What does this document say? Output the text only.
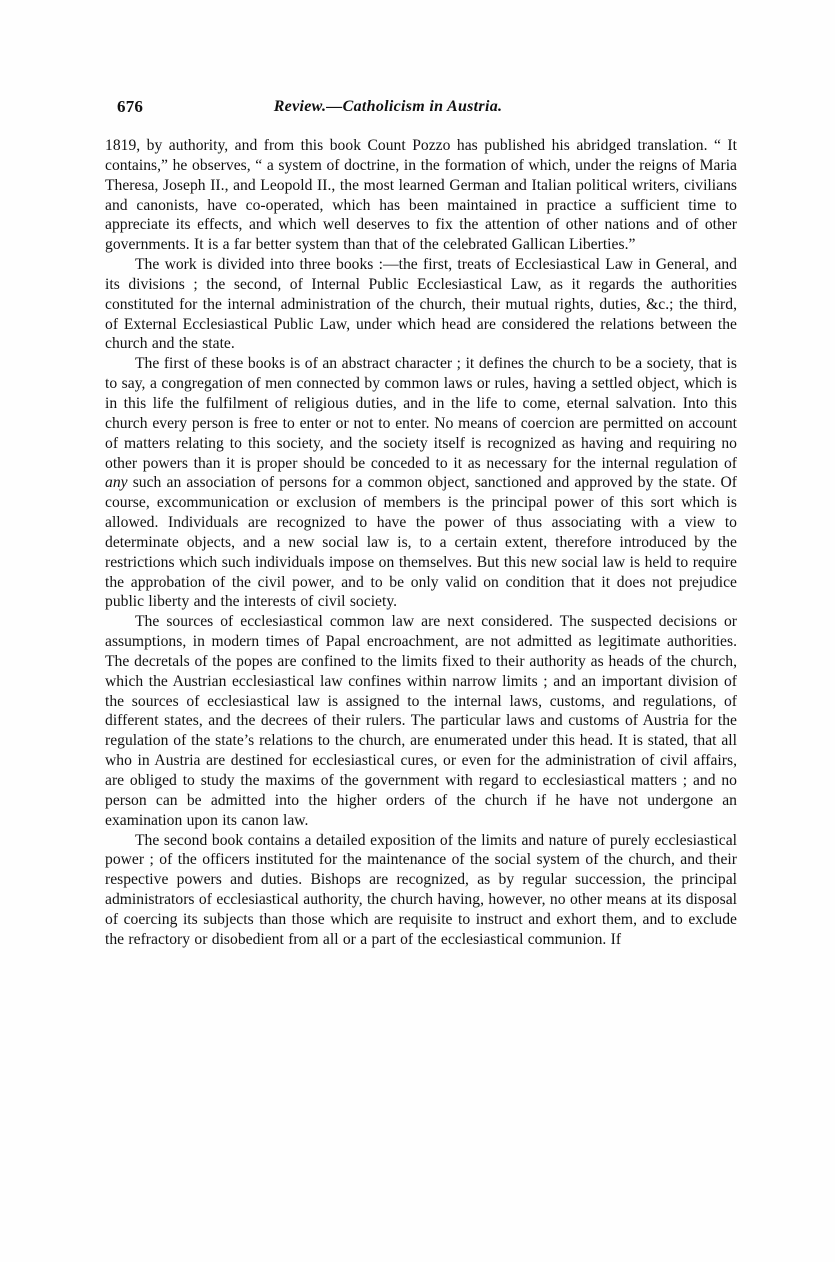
676	Review.—Catholicism in Austria.

1819, by authority, and from this book Count Pozzo has published his abridged translation. “ It contains,” he observes, “ a system of doctrine, in the formation of which, under the reigns of Maria Theresa, Joseph II., and Leopold II., the most learned German and Italian political writers, civilians and canonists, have co-operated, which has been maintained in practice a sufficient time to appreciate its effects, and which well deserves to fix the attention of other nations and of other governments. It is a far better system than that of the celebrated Gallican Liberties.”

The work is divided into three books :—the first, treats of Ecclesiastical Law in General, and its divisions ; the second, of Internal Public Ecclesiastical Law, as it regards the authorities constituted for the internal administration of the church, their mutual rights, duties, &c.; the third, of External Ecclesiastical Public Law, under which head are considered the relations between the church and the state.

The first of these books is of an abstract character ; it defines the church to be a society, that is to say, a congregation of men connected by common laws or rules, having a settled object, which is in this life the fulfilment of religious duties, and in the life to come, eternal salvation. Into this church every person is free to enter or not to enter. No means of coercion are permitted on account of matters relating to this society, and the society itself is recognized as having and requiring no other powers than it is proper should be conceded to it as necessary for the internal regulation of any such an association of persons for a common object, sanctioned and approved by the state. Of course, excommunication or exclusion of members is the principal power of this sort which is allowed. Individuals are recognized to have the power of thus associating with a view to determinate objects, and a new social law is, to a certain extent, therefore introduced by the restrictions which such individuals impose on themselves. But this new social law is held to require the approbation of the civil power, and to be only valid on condition that it does not prejudice public liberty and the interests of civil society.

The sources of ecclesiastical common law are next considered. The suspected decisions or assumptions, in modern times of Papal encroachment, are not admitted as legitimate authorities. The decretals of the popes are confined to the limits fixed to their authority as heads of the church, which the Austrian ecclesiastical law confines within narrow limits ; and an important division of the sources of ecclesiastical law is assigned to the internal laws, customs, and regulations, of different states, and the decrees of their rulers. The particular laws and customs of Austria for the regulation of the state’s relations to the church, are enumerated under this head. It is stated, that all who in Austria are destined for ecclesiastical cures, or even for the administration of civil affairs, are obliged to study the maxims of the government with regard to ecclesiastical matters ; and no person can be admitted into the higher orders of the church if he have not undergone an examination upon its canon law.

The second book contains a detailed exposition of the limits and nature of purely ecclesiastical power ; of the officers instituted for the maintenance of the social system of the church, and their respective powers and duties. Bishops are recognized, as by regular succession, the principal administrators of ecclesiastical authority, the church having, however, no other means at its disposal of coercing its subjects than those which are requisite to instruct and exhort them, and to exclude the refractory or disobedient from all or a part of the ecclesiastical communion. If
